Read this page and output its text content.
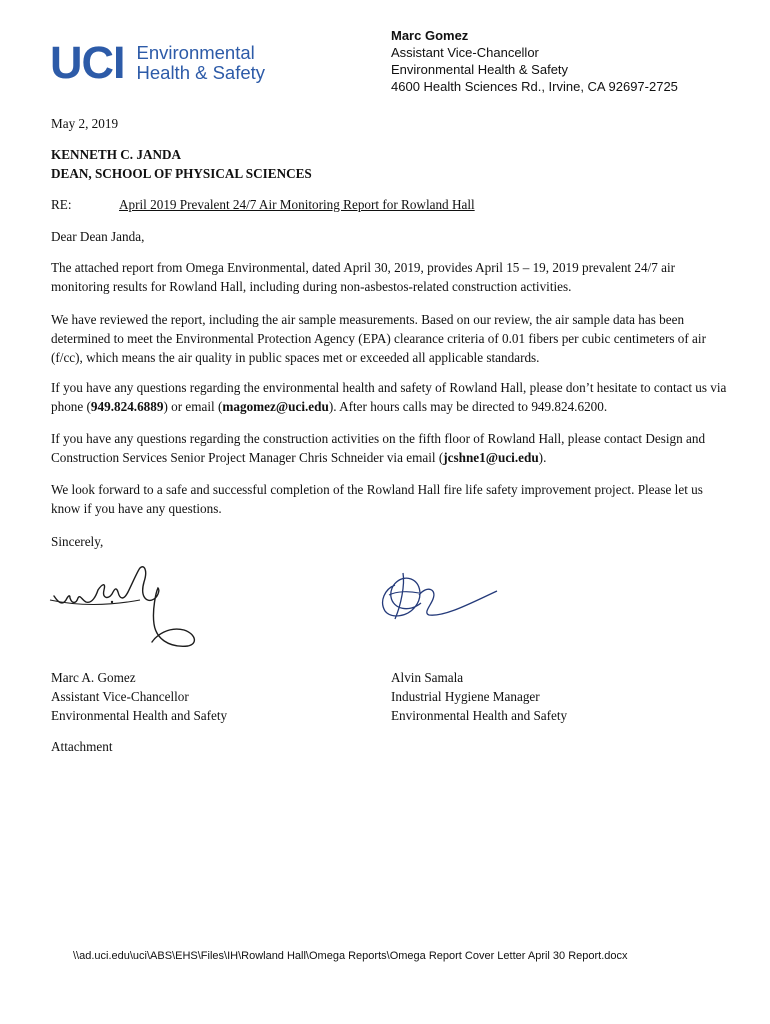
UCI Environmental
Health & Safety
Marc Gomez
Assistant Vice-Chancellor
Environmental Health & Safety
4600 Health Sciences Rd., Irvine, CA 92697-2725
May 2, 2019
KENNETH C. JANDA
DEAN, SCHOOL OF PHYSICAL SCIENCES
RE:	April 2019 Prevalent 24/7 Air Monitoring Report for Rowland Hall
Dear Dean Janda,
The attached report from Omega Environmental, dated April 30, 2019, provides April 15 – 19, 2019 prevalent 24/7 air monitoring results for Rowland Hall, including during non-asbestos-related construction activities.
We have reviewed the report, including the air sample measurements. Based on our review, the air sample data has been determined to meet the Environmental Protection Agency (EPA) clearance criteria of 0.01 fibers per cubic centimeters of air (f/cc), which means the air quality in public spaces met or exceeded all applicable standards.
If you have any questions regarding the environmental health and safety of Rowland Hall, please don’t hesitate to contact us via phone (949.824.6889) or email (magomez@uci.edu). After hours calls may be directed to 949.824.6200.
If you have any questions regarding the construction activities on the fifth floor of Rowland Hall, please contact Design and Construction Services Senior Project Manager Chris Schneider via email (jcshne1@uci.edu).
We look forward to a safe and successful completion of the Rowland Hall fire life safety improvement project. Please let us know if you have any questions.
Sincerely,
Marc A. Gomez
Assistant Vice-Chancellor
Environmental Health and Safety
Alvin Samala
Industrial Hygiene Manager
Environmental Health and Safety
Attachment
\\ad.uci.edu\uci\ABS\EHS\Files\IH\Rowland Hall\Omega Reports\Omega Report Cover Letter April 30 Report.docx
